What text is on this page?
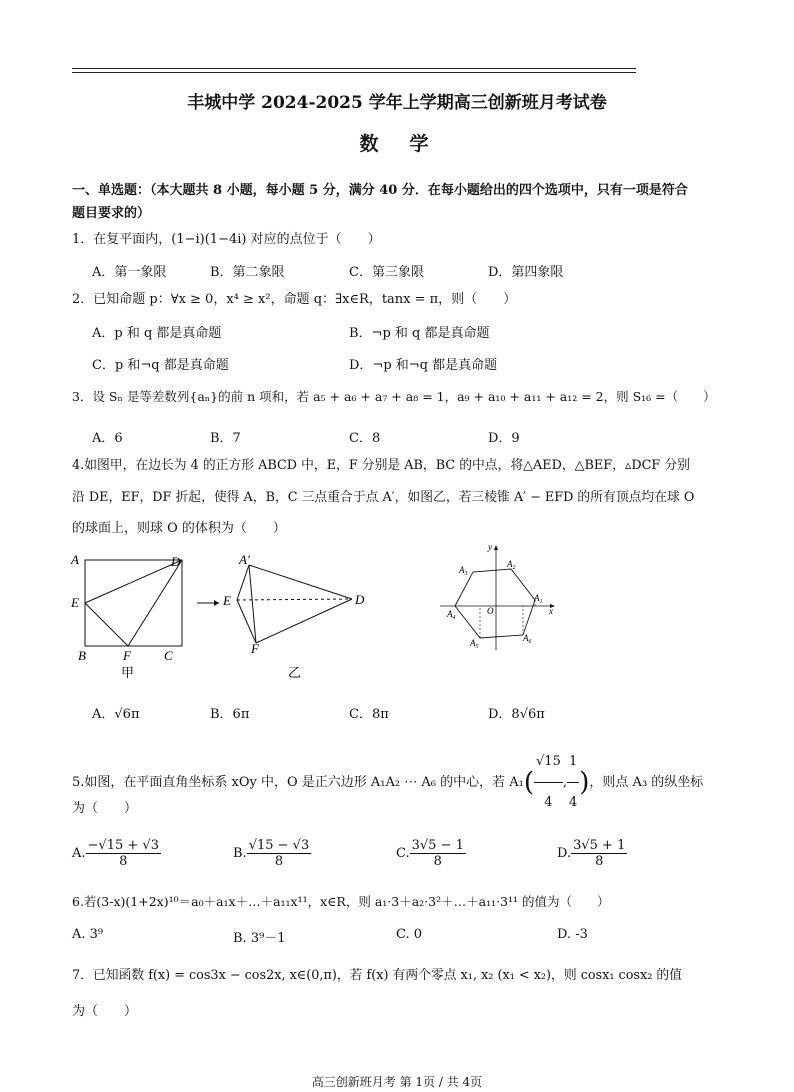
丰城中学 2024-2025 学年上学期高三创新班月考试卷
数　学
一、单选题：（本大题共 8 小题，每小题 5 分，满分 40 分．在每小题给出的四个选项中，只有一项是符合
题目要求的）
1．在复平面内，(1−i)(1−4i) 对应的点位于（　　）
A．第一象限	B．第二象限	C．第三象限	D．第四象限
2．已知命题 p：∀x ≥ 0，x⁴ ≥ x²，命题 q：∃x∈R，tanx = π，则（　　）
A．p 和 q 都是真命题	B．¬p 和 q 都是真命题
C．p 和¬q 都是真命题	D．¬p 和¬q 都是真命题
3．设 Sₙ 是等差数列{aₙ}的前 n 项和，若 a₅ + a₆ + a₇ + a₈ = 1，a₉ + a₁₀ + a₁₁ + a₁₂ = 2，则 S₁₆ =（　　）
A．6	B．7	C．8	D．9
4.如图甲，在边长为 4 的正方形 ABCD 中，E，F 分别是 AB，BC 的中点，将△AED，△BEF，▵DCF 分别
沿 DE，EF，DF 折起，使得 A，B，C 三点重合于点 A′，如图乙，若三棱锥 A′ − EFD 的所有顶点均在球 O
的球面上，则球 O 的体积为（　　）
A	D
E
B	F	C
甲
A′
E	D
F
乙
y
x
O
$A_1$
$A_2$
$A_3$
$A_4$
$A_5$
$A_6$
A．√6π	B．6π	C．8π	D．8√6π
5.如图，在平面直角坐标系 xOy 中，O 是正六边形 A₁A₂ ⋯ A₆ 的中心，若 $A_1( \frac{√15}{4}$ , $\frac{1}{4}$ )，则点 A₃ 的纵坐标
为（　　）
A. $\frac{-√15 + √3}{8}$	B. $\frac{√15 - √3}{8}$	C. $\frac{3√5 - 1}{8}$	D. $\frac{3√5 + 1}{8}$
6.若(3-x)(1+2x)¹⁰＝a₀＋a₁x＋…＋a₁₁x¹¹，x∈R，则 a₁·3＋a₂·3²＋…＋a₁₁·3¹¹ 的值为（　　）
A. 3⁹	B. 3⁹－1	C. 0	D. -3
7．已知函数 f(x) = cos3x − cos2x, x∈(0,π)，若 f(x) 有两个零点 x₁, x₂ (x₁ < x₂)，则 cosx₁ cosx₂ 的值
为（　　）
高三创新班月考 第 1页 / 共 4页
